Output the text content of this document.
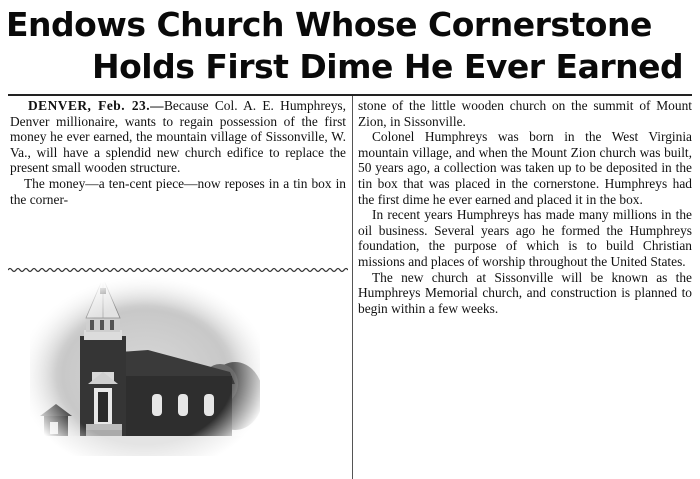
Endows Church Whose Cornerstone
Holds First Dime He Ever Earned

DENVER, Feb. 23.—Because Col. A. E. Humphreys, Denver millionaire, wants to regain possession of the first money he ever earned, the mountain village of Sissonville, W. Va., will have a splendid new church edifice to replace the present small wooden structure.

The money—a ten-cent piece—now reposes in a tin box in the corner-

stone of the little wooden church on the summit of Mount Zion, in Sissonville.

Colonel Humphreys was born in the West Virginia mountain village, and when the Mount Zion church was built, 50 years ago, a collection was taken up to be deposited in the tin box that was placed in the cornerstone. Humphreys had the first dime he ever earned and placed it in the box.

In recent years Humphreys has made many millions in the oil business. Several years ago he formed the Humphreys foundation, the purpose of which is to build Christian missions and places of worship throughout the United States.

The new church at Sissonville will be known as the Humphreys Memorial church, and construction is planned to begin within a few weeks.
